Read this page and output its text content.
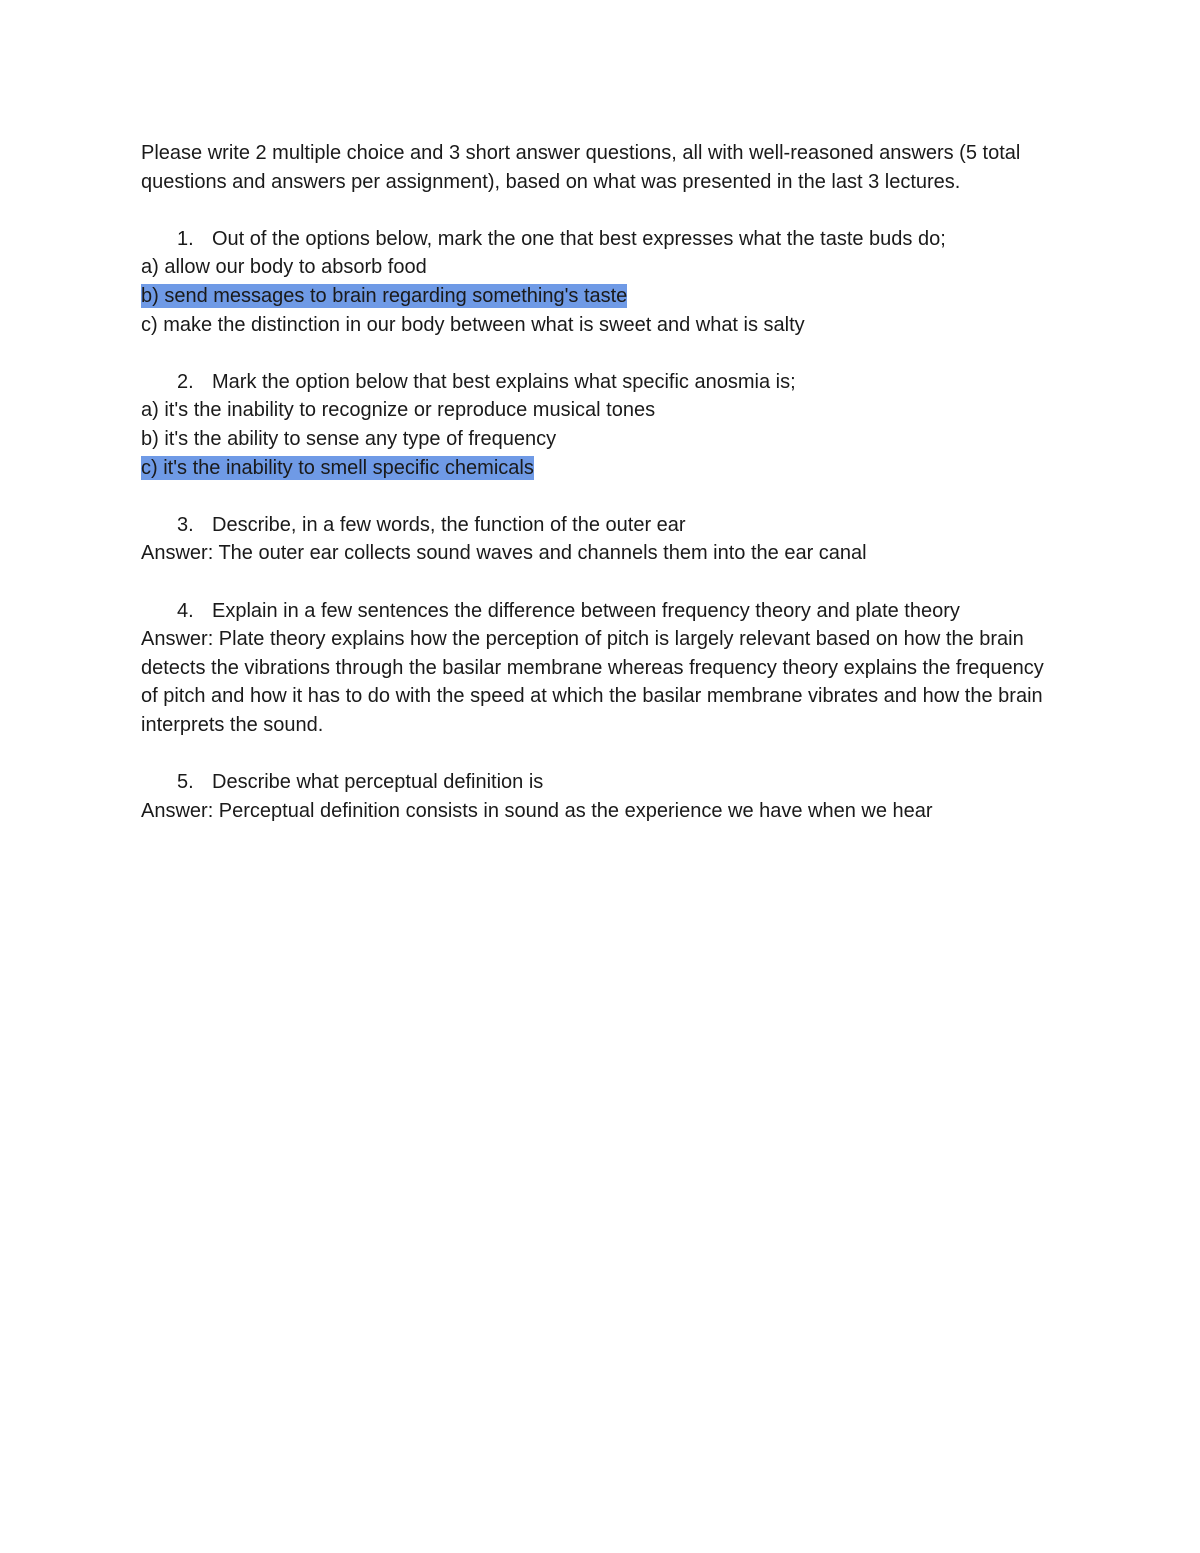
Please write 2 multiple choice and 3 short answer questions, all with well-reasoned answers (5 total questions and answers per assignment), based on what was presented in the last 3 lectures.

1. Out of the options below, mark the one that best expresses what the taste buds do;

a) allow our body to absorb food

b) send messages to brain regarding something's taste

c) make the distinction in our body between what is sweet and what is salty

2. Mark the option below that best explains what specific anosmia is;

a) it's the inability to recognize or reproduce musical tones

b) it's the ability to sense any type of frequency

c) it's the inability to smell specific chemicals

3. Describe, in a few words, the function of the outer ear

Answer: The outer ear collects sound waves and channels them into the ear canal

4. Explain in a few sentences the difference between frequency theory and plate theory

Answer: Plate theory explains how the perception of pitch is largely relevant based on how the brain detects the vibrations through the basilar membrane whereas frequency theory explains the frequency of pitch and how it has to do with the speed at which the basilar membrane vibrates and how the brain interprets the sound.

5. Describe what perceptual definition is

Answer: Perceptual definition consists in sound as the experience we have when we hear
